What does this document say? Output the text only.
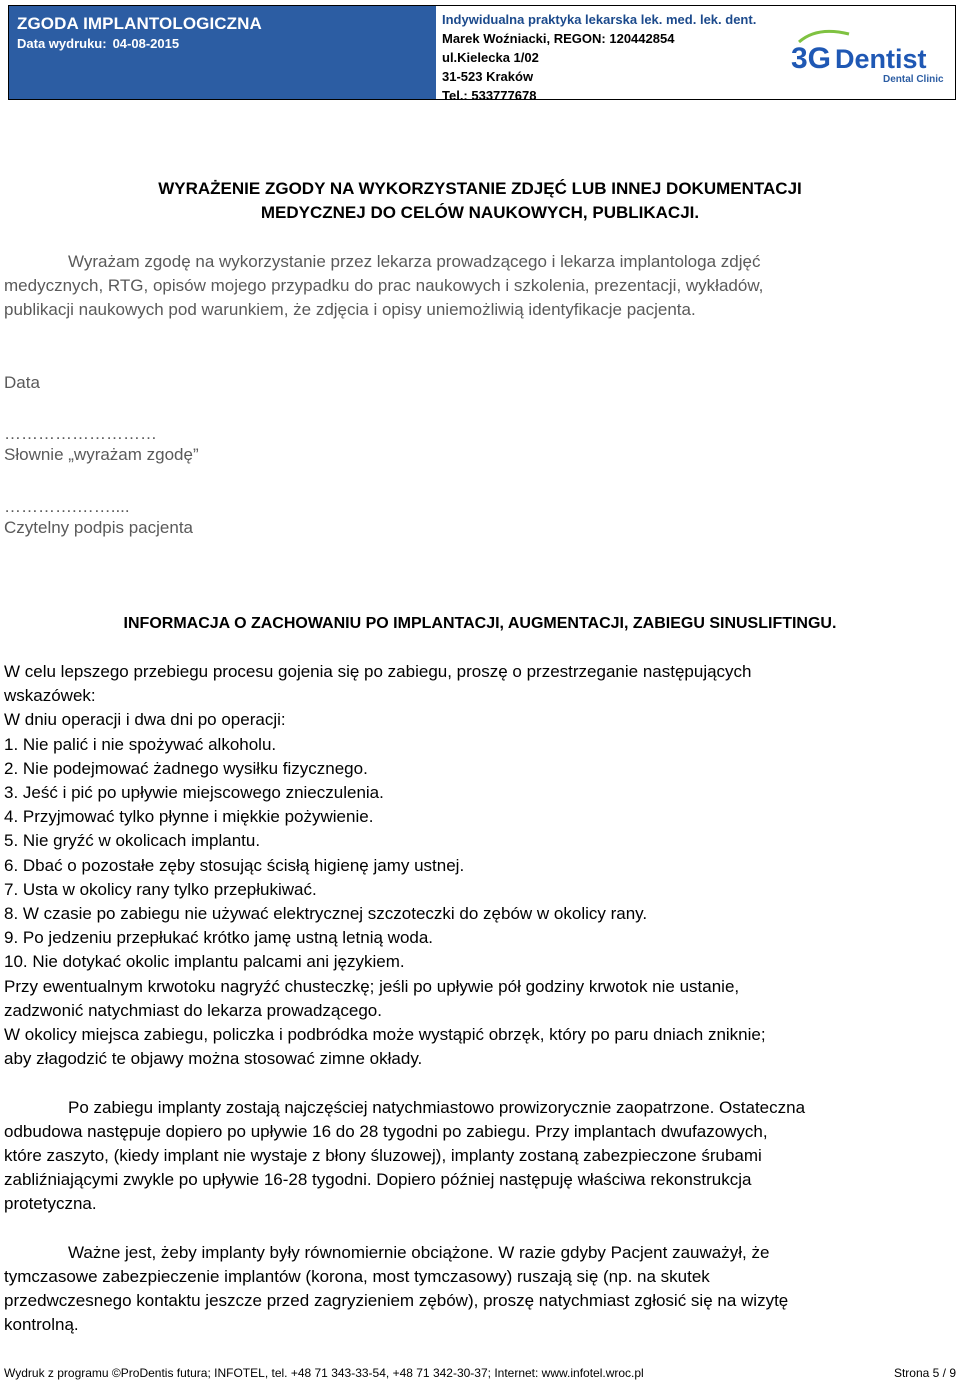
ZGODA IMPLANTOLOGICZNA
Data wydruku: 04-08-2015
Indywidualna praktyka lekarska lek. med. lek. dent.
Marek Woźniacki, REGON: 120442854
ul.Kielecka 1/02
31-523 Kraków
Tel.: 533777678
3G Dentist
Dental Clinic
WYRAŻENIE ZGODY NA WYKORZYSTANIE ZDJĘĆ LUB INNEJ DOKUMENTACJI
MEDYCZNEJ DO CELÓW NAUKOWYCH, PUBLIKACJI.
Wyrażam zgodę na wykorzystanie przez lekarza prowadzącego i lekarza implantologa zdjęć
medycznych, RTG, opisów mojego przypadku do prac naukowych i szkolenia, prezentacji, wykładów,
publikacji naukowych pod warunkiem, że zdjęcia i opisy uniemożliwią identyfikacje pacjenta.
Data
………………………
Słownie „wyrażam zgodę”
………….……....
Czytelny podpis pacjenta
INFORMACJA O ZACHOWANIU PO IMPLANTACJI, AUGMENTACJI, ZABIEGU SINUSLIFTINGU.
W celu lepszego przebiegu procesu gojenia się po zabiegu, proszę o przestrzeganie następujących
wskazówek:
W dniu operacji i dwa dni po operacji:
1. Nie palić i nie spożywać alkoholu.
2. Nie podejmować żadnego wysiłku fizycznego.
3. Jeść i pić po upływie miejscowego znieczulenia.
4. Przyjmować tylko płynne i miękkie pożywienie.
5. Nie gryźć w okolicach implantu.
6. Dbać o pozostałe zęby stosując ścisłą higienę jamy ustnej.
7. Usta w okolicy rany tylko przepłukiwać.
8. W czasie po zabiegu nie używać elektrycznej szczoteczki do zębów w okolicy rany.
9. Po jedzeniu przepłukać krótko jamę ustną letnią woda.
10. Nie dotykać okolic implantu palcami ani językiem.
Przy ewentualnym krwotoku nagryźć chusteczkę; jeśli po upływie pół godziny krwotok nie ustanie,
zadzwonić natychmiast do lekarza prowadzącego.
W okolicy miejsca zabiegu, policzka i podbródka może wystąpić obrzęk, który po paru dniach zniknie;
aby złagodzić te objawy można stosować zimne okłady.
Po zabiegu implanty zostają najczęściej natychmiastowo prowizorycznie zaopatrzone. Ostateczna
odbudowa następuje dopiero po upływie 16 do 28 tygodni po zabiegu. Przy implantach dwufazowych,
które zaszyto, (kiedy implant nie wystaje z błony śluzowej), implanty zostaną zabezpieczone śrubami
zabliźniającymi zwykle po upływie 16-28 tygodni. Dopiero później następuję właściwa rekonstrukcja
protetyczna.
Ważne jest, żeby implanty były równomiernie obciążone. W razie gdyby Pacjent zauważył, że
tymczasowe zabezpieczenie implantów (korona, most tymczasowy) ruszają się (np. na skutek
przedwczesnego kontaktu jeszcze przed zagryzieniem zębów), proszę natychmiast zgłosić się na wizytę
kontrolną.
Wydruk z programu ©ProDentis futura; INFOTEL, tel. +48 71 343-33-54, +48 71 342-30-37; Internet: www.infotel.wroc.pl	Strona 5 / 9
